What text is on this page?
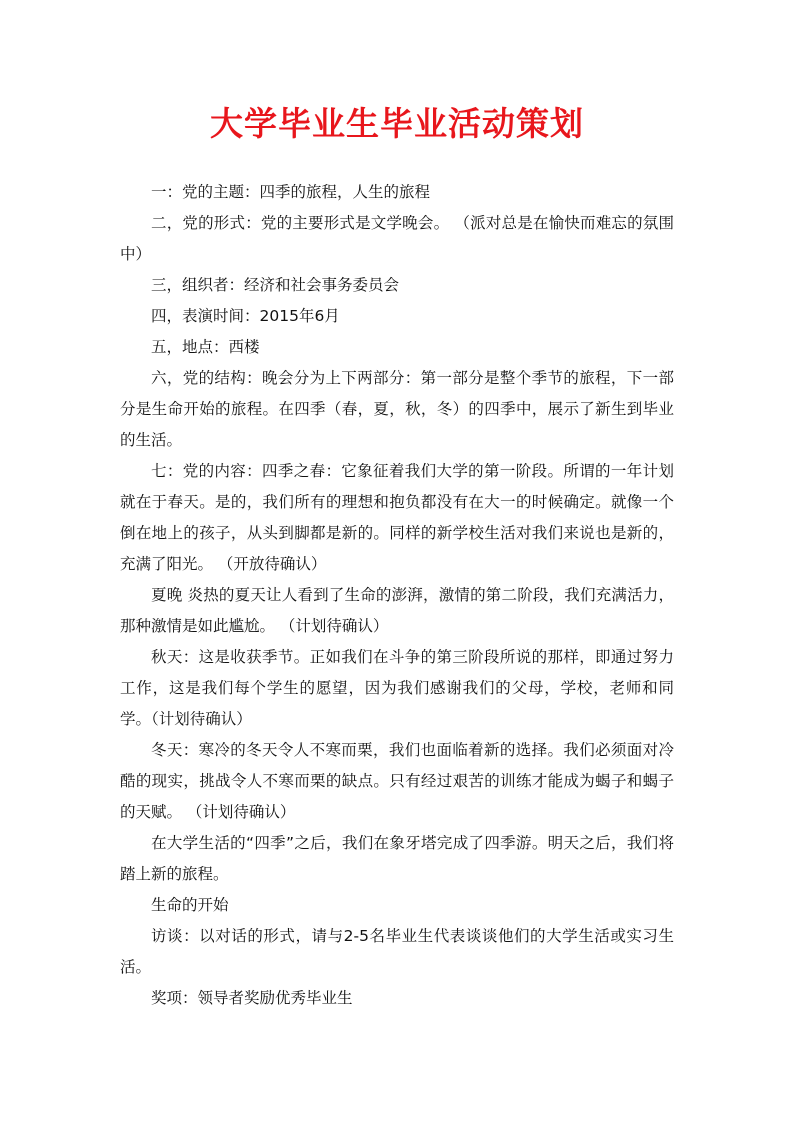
大学毕业生毕业活动策划

一：党的主题：四季的旅程，人生的旅程

二，党的形式：党的主要形式是文学晚会。 （派对总是在愉快而难忘的氛围中）

三，组织者：经济和社会事务委员会

四，表演时间：2015年6月

五，地点：西楼

六，党的结构：晚会分为上下两部分：第一部分是整个季节的旅程，下一部分是生命开始的旅程。在四季（春，夏，秋，冬）的四季中，展示了新生到毕业的生活。

七：党的内容：四季之春：它象征着我们大学的第一阶段。所谓的一年计划就在于春天。是的，我们所有的理想和抱负都没有在大一的时候确定。就像一个倒在地上的孩子，从头到脚都是新的。同样的新学校生活对我们来说也是新的，充满了阳光。 （开放待确认）

夏晚 炎热的夏天让人看到了生命的澎湃，激情的第二阶段，我们充满活力，那种激情是如此尴尬。 （计划待确认）

秋天：这是收获季节。正如我们在斗争的第三阶段所说的那样，即通过努力工作，这是我们每个学生的愿望，因为我们感谢我们的父母，学校，老师和同学。（计划待确认）

冬天：寒冷的冬天令人不寒而栗，我们也面临着新的选择。我们必须面对冷酷的现实，挑战令人不寒而栗的缺点。只有经过艰苦的训练才能成为蝎子和蝎子的天赋。 （计划待确认）

在大学生活的“四季”之后，我们在象牙塔完成了四季游。明天之后，我们将踏上新的旅程。

生命的开始

访谈：以对话的形式，请与2-5名毕业生代表谈谈他们的大学生活或实习生活。

奖项：领导者奖励优秀毕业生
